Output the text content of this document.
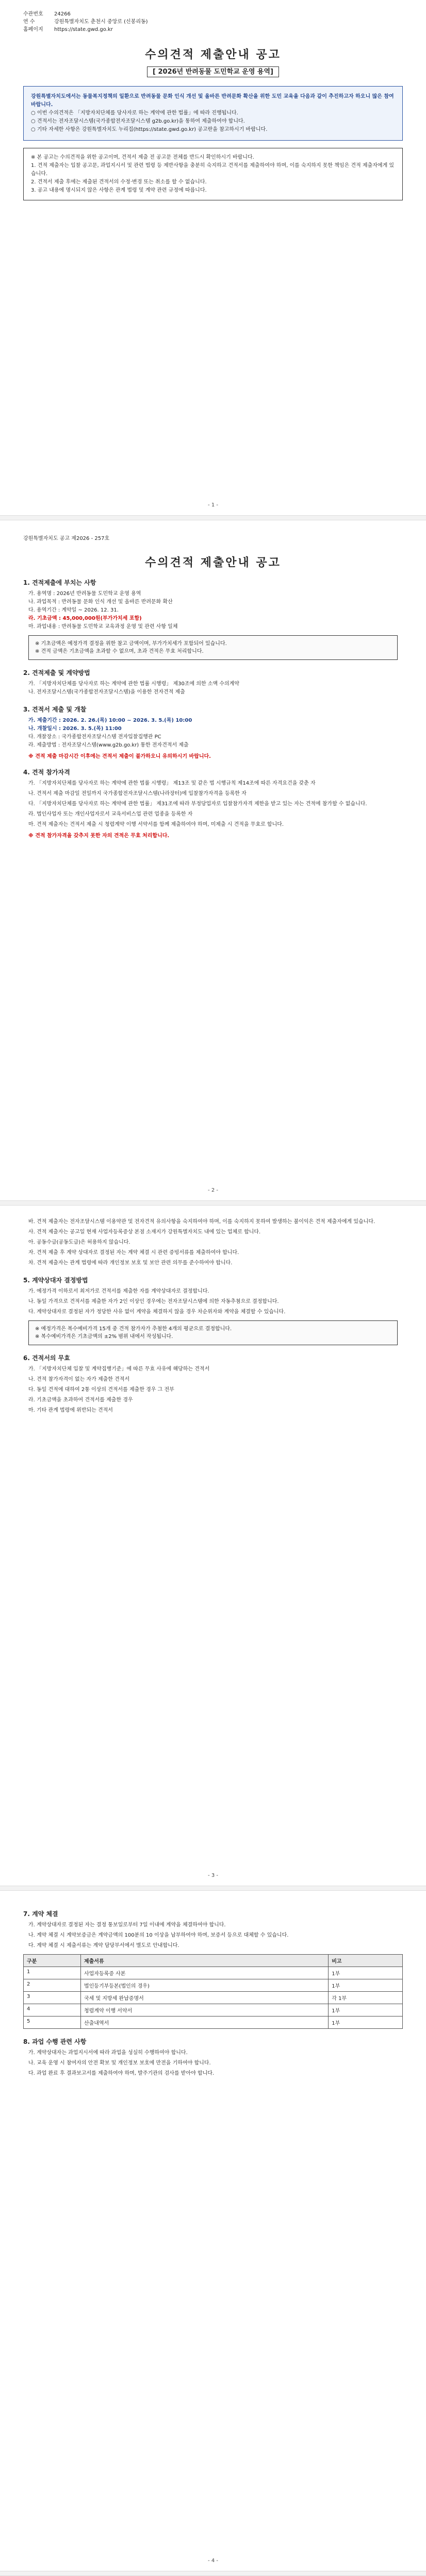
수관번호	24266
연 수	강원특별자치도 춘천시 중앙로 (신봉리동)
홈페이지	https://state.gwd.go.kr
수의견적 제출안내 공고
[ 2026년 반려동물 도민학교 운영 용역]
강원특별자치도에서는 동물복지정책의 일환으로 반려동물 문화 인식 개선 및 올바른 반려문화 확산을 위한 도민 교육을 다음과 같이 추진하고자 하오니 많은 참여 바랍니다.
○ 이번 수의견적은 「지방자치단체를 당사자로 하는 계약에 관한 법률」에 따라 진행됩니다.
○ 견적서는 전자조달시스템(국가종합전자조달시스템 g2b.go.kr)을 통하여 제출하여야 합니다.
○ 기타 자세한 사항은 강원특별자치도 누리집(https://state.gwd.go.kr) 공고란을 참고하시기 바랍니다.
※ 본 공고는 수의견적을 위한 공고이며, 견적서 제출 전 공고문 전체를 반드시 확인하시기 바랍니다.
1. 견적 제출자는 입찰 공고문, 과업지시서 및 관련 법령 등 제반사항을 충분히 숙지하고 견적서를 제출하여야 하며, 이를 숙지하지 못한 책임은 견적 제출자에게 있습니다.
2. 견적서 제출 후에는 제출된 견적서의 수정·변경 또는 취소를 할 수 없습니다.
3. 공고 내용에 명시되지 않은 사항은 관계 법령 및 계약 관련 규정에 따릅니다.
- 1 -
강원특별자치도 공고 제2026 - 257호
수의견적 제출안내 공고
1. 견적제출에 부치는 사항
가. 용역명 : 2026년 반려동물 도민학교 운영 용역
나. 과업목적 : 반려동물 문화 인식 개선 및 올바른 반려문화 확산
다. 용역기간 : 계약일 ~ 2026. 12. 31.
라. 기초금액 : 45,000,000원(부가가치세 포함)
마. 과업내용 : 반려동물 도민학교 교육과정 운영 및 관련 사항 일체
※ 기초금액은 예정가격 결정을 위한 참고 금액이며, 부가가치세가 포함되어 있습니다.
※ 견적 금액은 기초금액을 초과할 수 없으며, 초과 견적은 무효 처리합니다.
2. 견적제출 및 계약방법
가. 「지방자치단체를 당사자로 하는 계약에 관한 법률 시행령」 제30조에 의한 소액 수의계약
나. 전자조달시스템(국가종합전자조달시스템)을 이용한 전자견적 제출
3. 견적서 제출 및 개찰
가. 제출기간 : 2026. 2. 26.(목) 10:00 ~ 2026. 3. 5.(목) 10:00
나. 개찰일시 : 2026. 3. 5.(목) 11:00
다. 개찰장소 : 국가종합전자조달시스템 전자입찰집행관 PC
라. 제출방법 : 전자조달시스템(www.g2b.go.kr) 통한 전자견적서 제출
※ 견적 제출 마감시간 이후에는 견적서 제출이 불가하오니 유의하시기 바랍니다.
4. 견적 참가자격
가. 「지방자치단체를 당사자로 하는 계약에 관한 법률 시행령」 제13조 및 같은 법 시행규칙 제14조에 따른 자격요건을 갖춘 자
나. 견적서 제출 마감일 전일까지 국가종합전자조달시스템(나라장터)에 입찰참가자격을 등록한 자
다. 「지방자치단체를 당사자로 하는 계약에 관한 법률」 제31조에 따라 부정당업자로 입찰참가자격 제한을 받고 있는 자는 견적에 참가할 수 없습니다.
라. 법인사업자 또는 개인사업자로서 교육서비스업 관련 업종을 등록한 자
마. 견적 제출자는 견적서 제출 시 청렴계약 이행 서약서를 함께 제출하여야 하며, 미제출 시 견적을 무효로 합니다.
※ 견적 참가자격을 갖추지 못한 자의 견적은 무효 처리합니다.
- 2 -
바. 견적 제출자는 전자조달시스템 이용약관 및 전자견적 유의사항을 숙지하여야 하며, 이를 숙지하지 못하여 발생하는 불이익은 견적 제출자에게 있습니다.
사. 견적 제출자는 공고일 현재 사업자등록증상 본점 소재지가 강원특별자치도 내에 있는 업체로 합니다.
아. 공동수급(공동도급)은 허용하지 않습니다.
자. 견적 제출 후 계약 상대자로 결정된 자는 계약 체결 시 관련 증빙서류를 제출하여야 합니다.
차. 견적 제출자는 관계 법령에 따라 개인정보 보호 및 보안 관련 의무를 준수하여야 합니다.
5. 계약상대자 결정방법
가. 예정가격 이하로서 최저가로 견적서를 제출한 자를 계약상대자로 결정합니다.
나. 동일 가격으로 견적서를 제출한 자가 2인 이상인 경우에는 전자조달시스템에 의한 자동추첨으로 결정합니다.
다. 계약상대자로 결정된 자가 정당한 사유 없이 계약을 체결하지 않을 경우 차순위자와 계약을 체결할 수 있습니다.
※ 예정가격은 복수예비가격 15개 중 견적 참가자가 추첨한 4개의 평균으로 결정합니다.
※ 복수예비가격은 기초금액의 ±2% 범위 내에서 작성됩니다.
6. 견적서의 무효
가. 「지방자치단체 입찰 및 계약집행기준」에 따른 무효 사유에 해당하는 견적서
나. 견적 참가자격이 없는 자가 제출한 견적서
다. 동일 견적에 대하여 2통 이상의 견적서를 제출한 경우 그 전부
라. 기초금액을 초과하여 견적서를 제출한 경우
마. 기타 관계 법령에 위반되는 견적서
- 3 -
7. 계약 체결
가. 계약상대자로 결정된 자는 결정 통보일로부터 7일 이내에 계약을 체결하여야 합니다.
나. 계약 체결 시 계약보증금은 계약금액의 100분의 10 이상을 납부하여야 하며, 보증서 등으로 대체할 수 있습니다.
다. 계약 체결 시 제출서류는 계약 담당부서에서 별도로 안내합니다.
구분	제출서류	비고
1	사업자등록증 사본	1부
2	법인등기부등본(법인의 경우)	1부
3	국세 및 지방세 완납증명서	각 1부
4	청렴계약 이행 서약서	1부
5	산출내역서	1부
8. 과업 수행 관련 사항
가. 계약상대자는 과업지시서에 따라 과업을 성실히 수행하여야 합니다.
나. 교육 운영 시 참여자의 안전 확보 및 개인정보 보호에 만전을 기하여야 합니다.
다. 과업 완료 후 결과보고서를 제출하여야 하며, 발주기관의 검사를 받아야 합니다.
- 4 -
